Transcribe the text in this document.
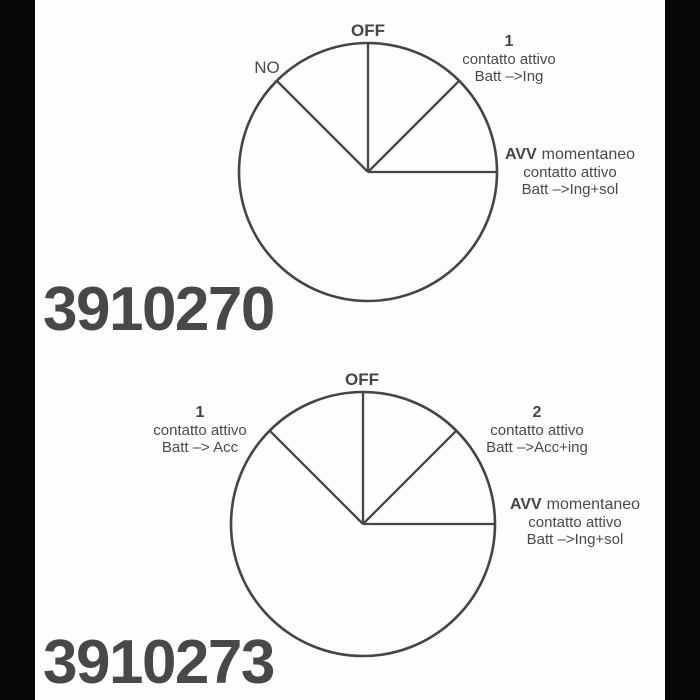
OFF
NO
1
contatto attivo
Batt –>Ing
AVV momentaneo
contatto attivo
Batt –>Ing+sol
3910270
OFF
1
contatto attivo
Batt –> Acc
2
contatto attivo
Batt –>Acc+ing
AVV momentaneo
contatto attivo
Batt –>Ing+sol
3910273
